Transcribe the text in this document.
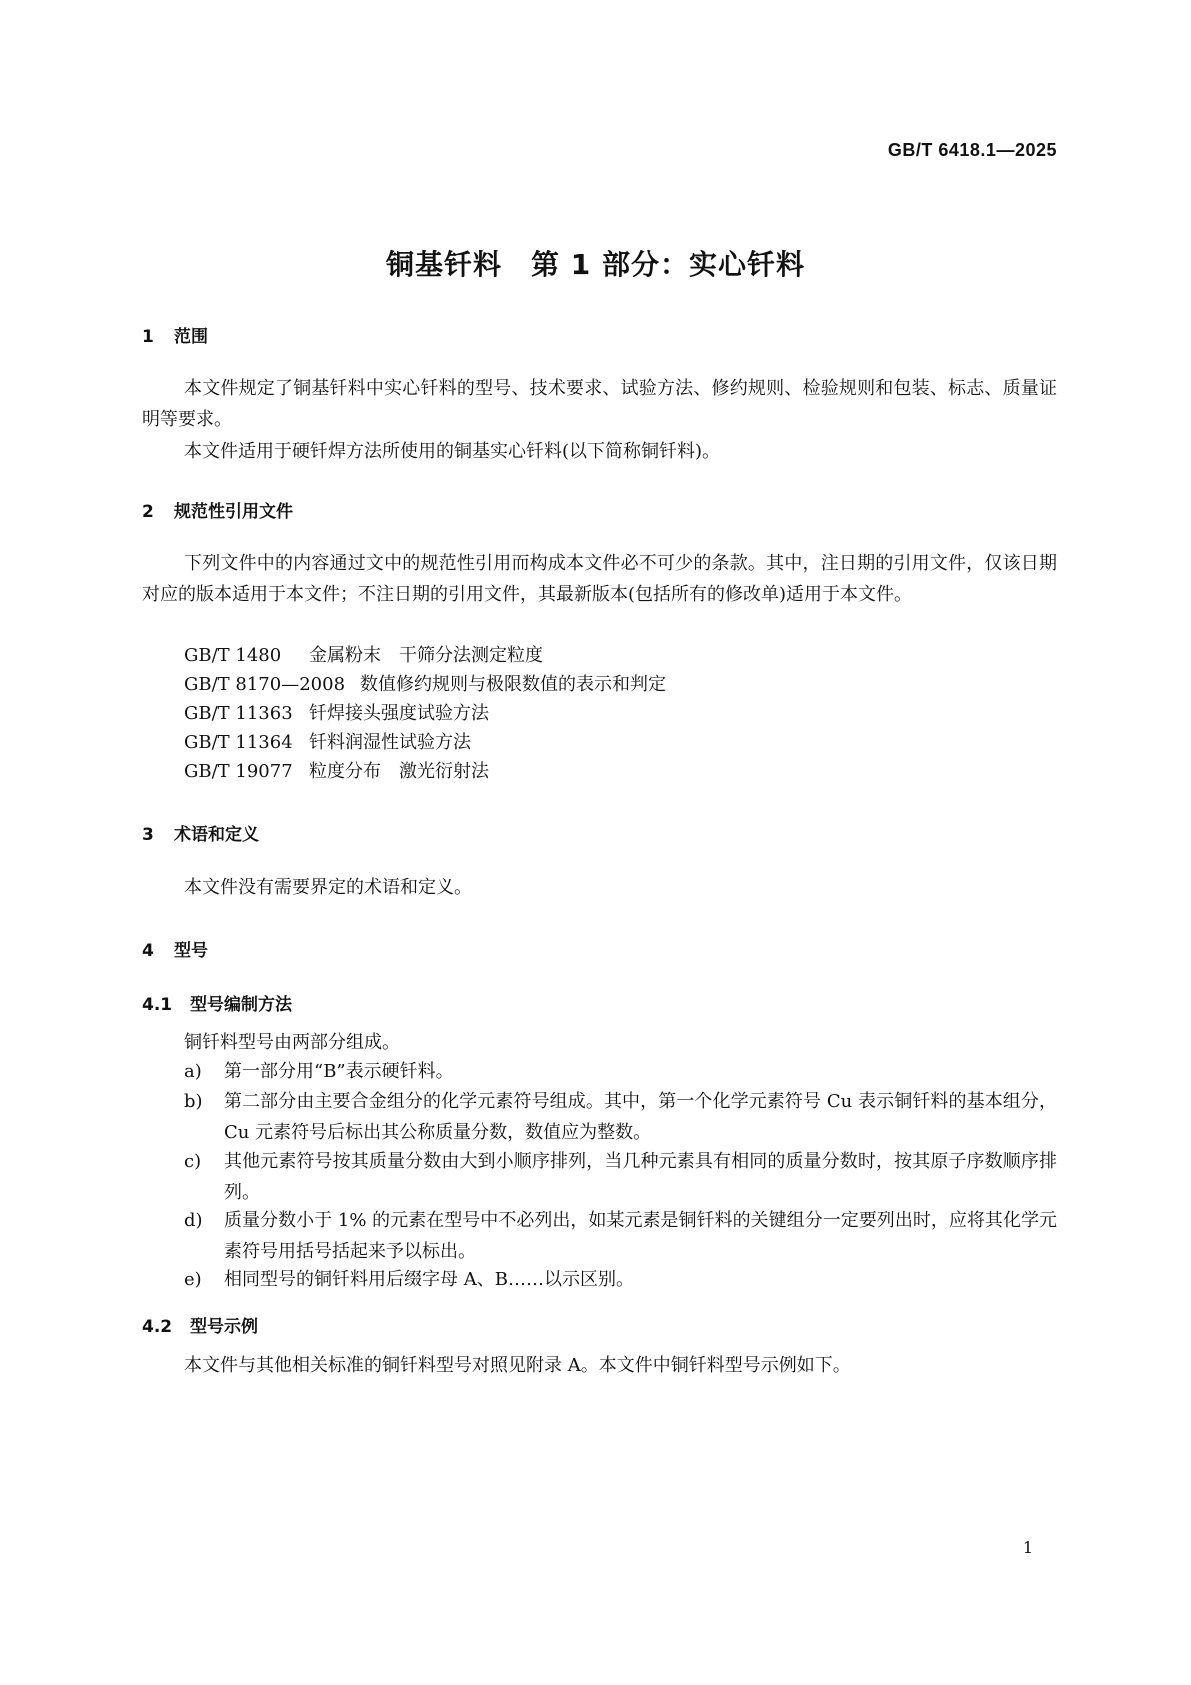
GB/T 6418.1—2025
铜基钎料　第 1 部分：实心钎料
1 范围

本文件规定了铜基钎料中实心钎料的型号、技术要求、试验方法、修约规则、检验规则和包装、标志、质量证明等要求。

本文件适用于硬钎焊方法所使用的铜基实心钎料(以下简称铜钎料)。

2 规范性引用文件

下列文件中的内容通过文中的规范性引用而构成本文件必不可少的条款。其中，注日期的引用文件，仅该日期对应的版本适用于本文件；不注日期的引用文件，其最新版本(包括所有的修改单)适用于本文件。

GB/T 1480 金属粉末　干筛分法测定粒度
GB/T 8170—2008 数值修约规则与极限数值的表示和判定
GB/T 11363 钎焊接头强度试验方法
GB/T 11364 钎料润湿性试验方法
GB/T 19077 粒度分布　激光衍射法
3 术语和定义

本文件没有需要界定的术语和定义。

4 型号
4.1 型号编制方法
铜钎料型号由两部分组成。
a)	第一部分用“B”表示硬钎料。
b)	第二部分由主要合金组分的化学元素符号组成。其中，第一个化学元素符号 Cu 表示铜钎料的基本组分，Cu 元素符号后标出其公称质量分数，数值应为整数。
c)	其他元素符号按其质量分数由大到小顺序排列，当几种元素具有相同的质量分数时，按其原子序数顺序排列。
d)	质量分数小于 1% 的元素在型号中不必列出，如某元素是铜钎料的关键组分一定要列出时，应将其化学元素符号用括号括起来予以标出。
e)	相同型号的铜钎料用后缀字母 A、B……以示区别。
4.2 型号示例
本文件与其他相关标准的铜钎料型号对照见附录 A。本文件中铜钎料型号示例如下。
1
